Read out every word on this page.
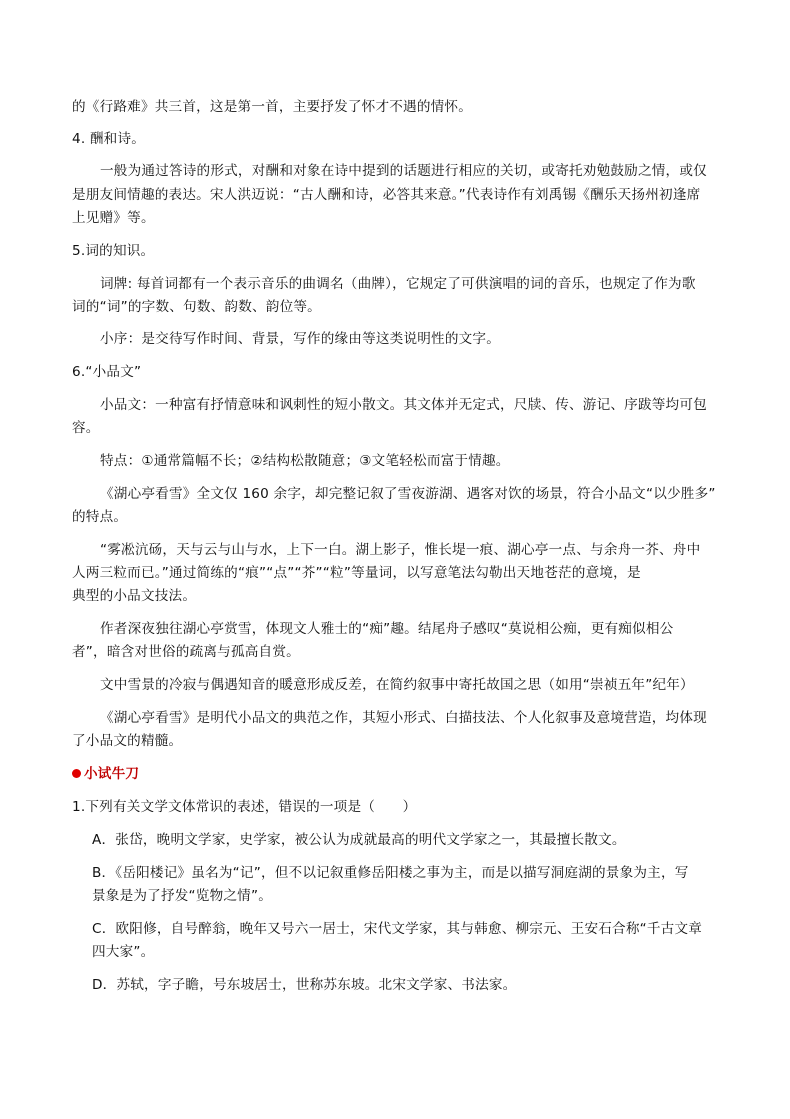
的《行路难》共三首，这是第一首，主要抒发了怀才不遇的情怀。
4. 酬和诗。
一般为通过答诗的形式，对酬和对象在诗中提到的话题进行相应的关切，或寄托劝勉鼓励之情，或仅
是朋友间情趣的表达。宋人洪迈说：“古人酬和诗，必答其来意。”代表诗作有刘禹锡《酬乐天扬州初逢席
上见赠》等。
5.词的知识。
词牌: 每首词都有一个表示音乐的曲调名（曲牌），它规定了可供演唱的词的音乐，也规定了作为歌
词的“词”的字数、句数、韵数、韵位等。
小序：是交待写作时间、背景，写作的缘由等这类说明性的文字。
6.“小品文”
小品文：一种富有抒情意味和讽刺性的短小散文。其文体并无定式，尺牍、传、游记、序跋等均可包
容。
特点：①通常篇幅不长；②结构松散随意；③文笔轻松而富于情趣。
《湖心亭看雪》全文仅 160 余字，却完整记叙了雪夜游湖、遇客对饮的场景，符合小品文“以少胜多”
的特点。
“雾凇沆砀，天与云与山与水，上下一白。湖上影子，惟长堤一痕、湖心亭一点、与余舟一芥、舟中
人两三粒而已。”通过简练的“痕”“点”“芥”“粒”等量词，以写意笔法勾勒出天地苍茫的意境，是
典型的小品文技法。
作者深夜独往湖心亭赏雪，体现文人雅士的“痴”趣。结尾舟子感叹“莫说相公痴，更有痴似相公
者”，暗含对世俗的疏离与孤高自赏。
文中雪景的冷寂与偶遇知音的暖意形成反差，在简约叙事中寄托故国之思（如用“崇祯五年”纪年）
《湖心亭看雪》是明代小品文的典范之作，其短小形式、白描技法、个人化叙事及意境营造，均体现
了小品文的精髓。
小试牛刀
1.下列有关文学文体常识的表述，错误的一项是（　　）
A．张岱，晚明文学家，史学家，被公认为成就最高的明代文学家之一，其最擅长散文。
B．《岳阳楼记》虽名为“记”，但不以记叙重修岳阳楼之事为主，而是以描写洞庭湖的景象为主，写
景象是为了抒发“览物之情”。
C．欧阳修，自号醉翁，晚年又号六一居士，宋代文学家，其与韩愈、柳宗元、王安石合称“千古文章
四大家”。
D．苏轼，字子瞻，号东坡居士，世称苏东坡。北宋文学家、书法家。
